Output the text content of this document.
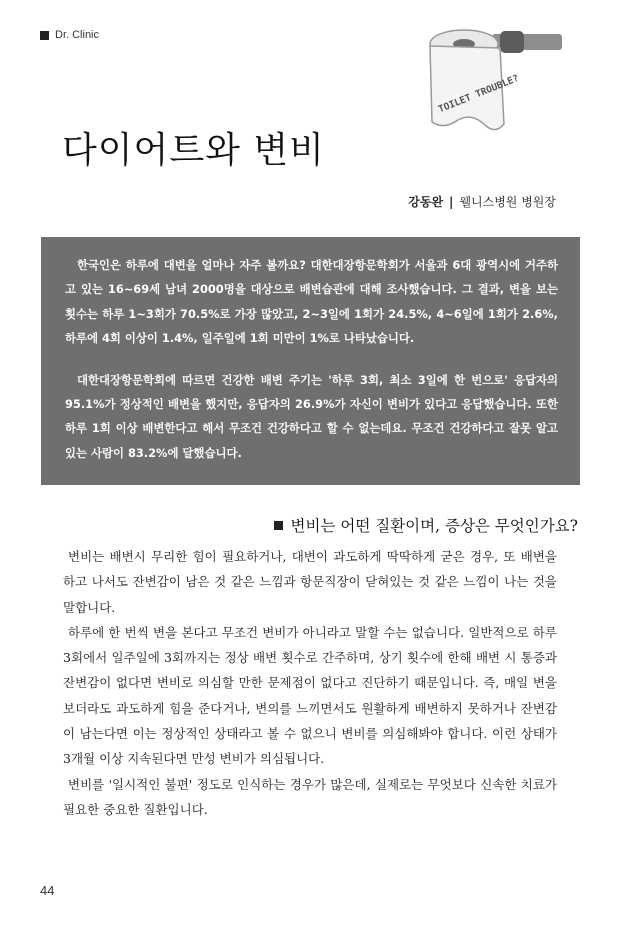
Dr. Clinic
TOILET TROUBLE?
다이어트와 변비
강동완 | 웰니스병원 병원장

한국인은 하루에 대변을 얼마나 자주 볼까요? 대한대장항문학회가 서울과 6대 광역시에 거주하고 있는 16~69세 남녀 2000명을 대상으로 배변습관에 대해 조사했습니다. 그 결과, 변을 보는 횟수는 하루 1~3회가 70.5%로 가장 많았고, 2~3일에 1회가 24.5%, 4~6일에 1회가 2.6%, 하루에 4회 이상이 1.4%, 일주일에 1회 미만이 1%로 나타났습니다.

대한대장항문학회에 따르면 건강한 배변 주기는 '하루 3회, 최소 3일에 한 번으로' 응답자의 95.1%가 정상적인 배변을 했지만, 응답자의 26.9%가 자신이 변비가 있다고 응답했습니다. 또한 하루 1회 이상 배변한다고 해서 무조건 건강하다고 할 수 없는데요. 무조건 건강하다고 잘못 알고 있는 사람이 83.2%에 달했습니다.

변비는 어떤 질환이며, 증상은 무엇인가요?

변비는 배변시 무리한 힘이 필요하거나, 대변이 과도하게 딱딱하게 굳은 경우, 또 배변을 하고 나서도 잔변감이 남은 것 같은 느낌과 항문직장이 닫혀있는 것 같은 느낌이 나는 것을 말합니다.

하루에 한 번씩 변을 본다고 무조건 변비가 아니라고 말할 수는 없습니다. 일반적으로 하루 3회에서 일주일에 3회까지는 정상 배변 횟수로 간주하며, 상기 횟수에 한해 배변 시 통증과 잔변감이 없다면 변비로 의심할 만한 문제점이 없다고 진단하기 때문입니다. 즉, 매일 변을 보더라도 과도하게 힘을 준다거나, 변의를 느끼면서도 원활하게 배변하지 못하거나 잔변감이 남는다면 이는 정상적인 상태라고 볼 수 없으니 변비를 의심해봐야 합니다. 이런 상태가 3개월 이상 지속된다면 만성 변비가 의심됩니다.

변비를 '일시적인 불편' 정도로 인식하는 경우가 많은데, 실제로는 무엇보다 신속한 치료가 필요한 중요한 질환입니다.

44
